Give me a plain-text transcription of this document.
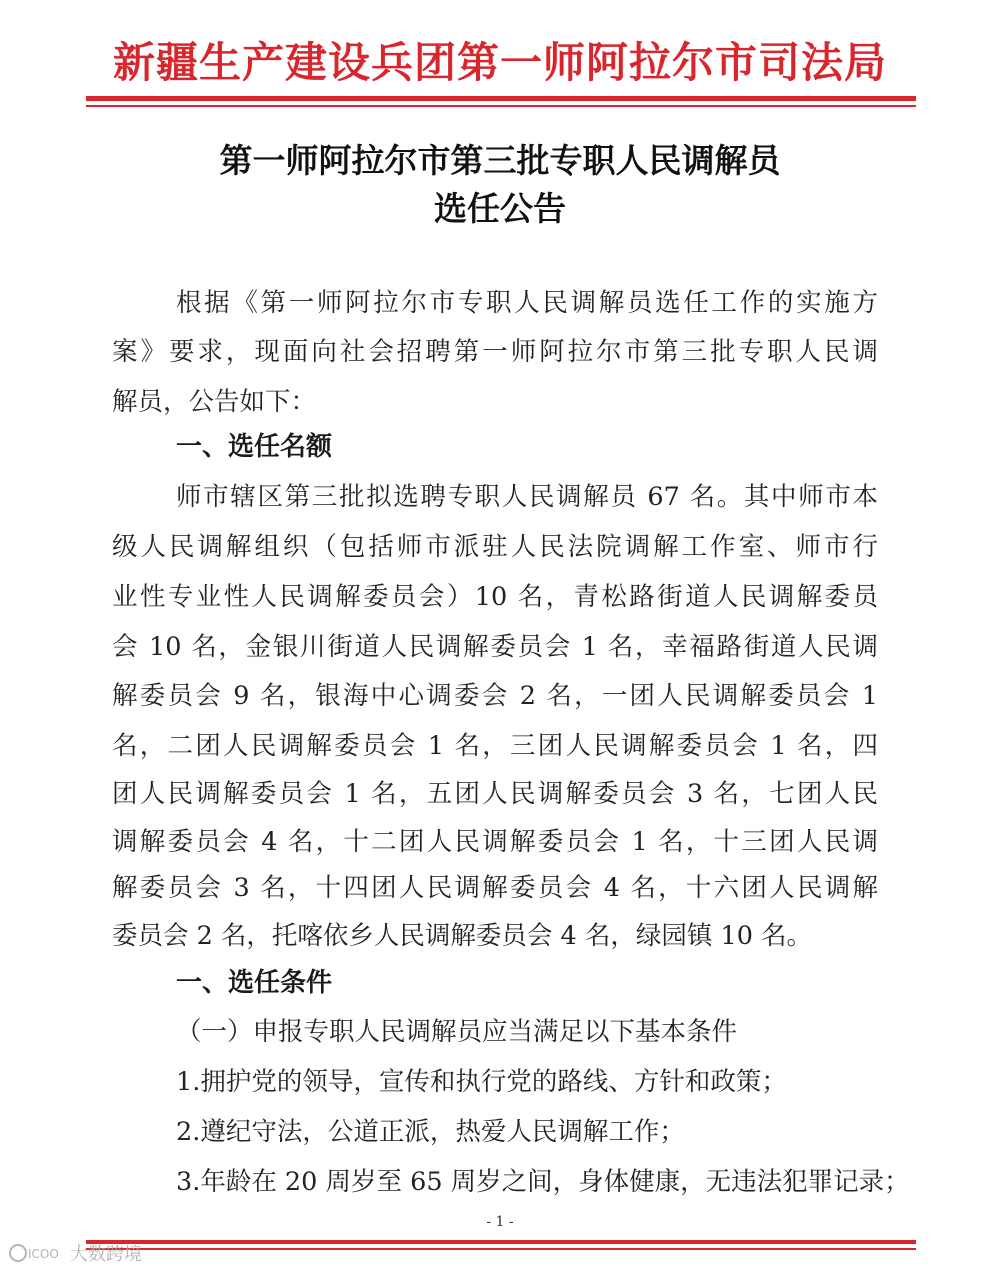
新疆生产建设兵团第一师阿拉尔市司法局
第一师阿拉尔市第三批专职人民调解员
选任公告
根据《第一师阿拉尔市专职人民调解员选任工作的实施方
案》要求，现面向社会招聘第一师阿拉尔市第三批专职人民调
解员，公告如下：
一、选任名额
师市辖区第三批拟选聘专职人民调解员 67 名。其中师市本
级人民调解组织（包括师市派驻人民法院调解工作室、师市行
业性专业性人民调解委员会）10 名，青松路街道人民调解委员
会 10 名，金银川街道人民调解委员会 1 名，幸福路街道人民调
解委员会 9 名，银海中心调委会 2 名，一团人民调解委员会 1
名，二团人民调解委员会 1 名，三团人民调解委员会 1 名，四
团人民调解委员会 1 名，五团人民调解委员会 3 名，七团人民
调解委员会 4 名，十二团人民调解委员会 1 名，十三团人民调
解委员会 3 名，十四团人民调解委员会 4 名，十六团人民调解
委员会 2 名，托喀依乡人民调解委员会 4 名，绿园镇 10 名。
一、选任条件
（一）申报专职人民调解员应当满足以下基本条件
1.拥护党的领导，宣传和执行党的路线、方针和政策；
2.遵纪守法，公道正派，热爱人民调解工作；
3.年龄在 20 周岁至 65 周岁之间，身体健康，无违法犯罪记录；
- 1 -
ICOO 大数跨境
